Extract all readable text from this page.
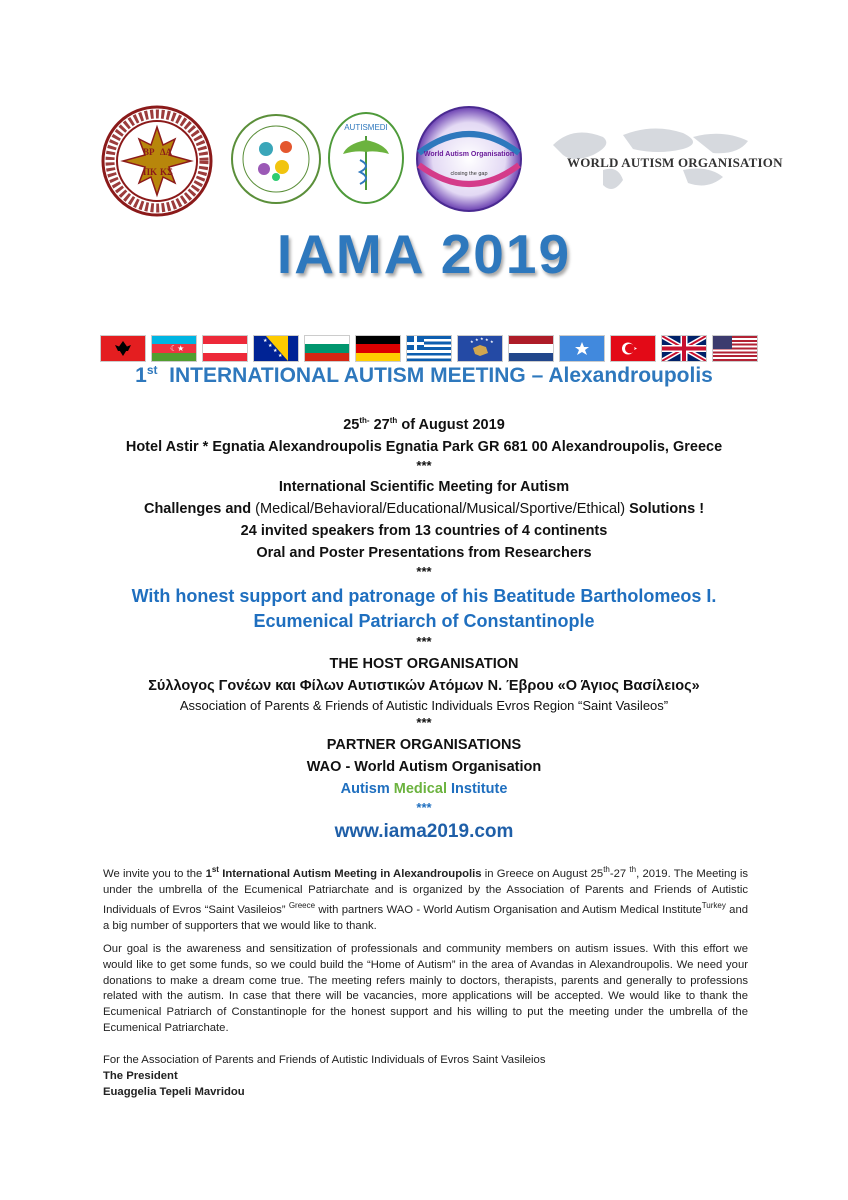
ΒΡ ΔΑ
ΠΚ ΚΣ
AUTISMEDI
World Autism Organisation
closing the gap
WORLD AUTISM ORGANISATION
IAMA 2019
☾★
★
★
★
★
★ ★ ★ ★ ★
1st INTERNATIONAL AUTISM MEETING – Alexandroupolis
$25^{th-}$ 27th of August 2019
Hotel Astir * Egnatia Alexandroupolis Egnatia Park GR 681 00 Alexandroupolis, Greece
***
International Scientific Meeting for Autism
Challenges and (Medical/Behavioral/Educational/Musical/Sportive/Ethical) Solutions !
24 invited speakers from 13 countries of 4 continents
Oral and Poster Presentations from Researchers
***
With honest support and patronage of his Beatitude Bartholomeos I.
Ecumenical Patriarch of Constantinople
***
THE HOST ORGANISATION
Σύλλογος Γονέων και Φίλων Αυτιστικών Ατόμων Ν. Έβρου «Ο Άγιος Βασίλειος»
Association of Parents & Friends of Autistic Individuals Evros Region “Saint Vasileos”
***
PARTNER ORGANISATIONS
WAO - World Autism Organisation
Autism Medical Institute
***
www.iama2019.com
We invite you to the 1st International Autism Meeting in Alexandroupolis in Greece on August 25th-27 $^{th}$, 2019. The Meeting is under the umbrella of the Ecumenical Patriarchate and is organized by the Association of Parents and Friends of Autistic Individuals of Evros “Saint Vasileios” $^{Greece}$ with partners WAO - World Autism Organisation and Autism Medical Institute$^{Turkey}$ and a big number of supporters that we would like to thank.
Our goal is the awareness and sensitization of professionals and community members on autism issues. With this effort we would like to get some funds, so we could build the “Home of Autism” in the area of Avandas in Alexandroupolis. We need your donations to make a dream come true. The meeting refers mainly to doctors, therapists, parents and generally to professions related with the autism. In case that there will be vacancies, more applications will be accepted. We would like to thank the Ecumenical Patriarch of Constantinople for the honest support and his willing to put the meeting under the umbrella of the Ecumenical Patriarchate.
For the Association of Parents and Friends of Autistic Individuals of Evros Saint Vasileios
The President
Euaggelia Tepeli Mavridou
